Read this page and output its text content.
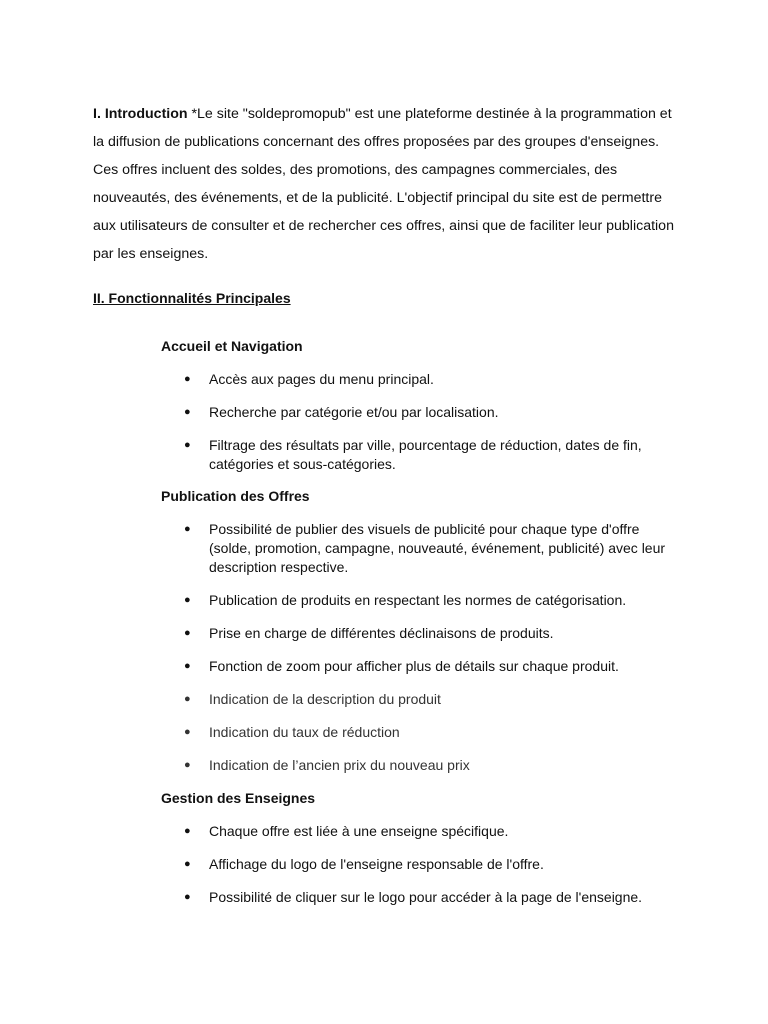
I. Introduction *Le site "soldepromopub" est une plateforme destinée à la programmation et la diffusion de publications concernant des offres proposées par des groupes d'enseignes. Ces offres incluent des soldes, des promotions, des campagnes commerciales, des nouveautés, des événements, et de la publicité. L'objectif principal du site est de permettre aux utilisateurs de consulter et de rechercher ces offres, ainsi que de faciliter leur publication par les enseignes.

II. Fonctionnalités Principales
Accueil et Navigation
● Accès aux pages du menu principal.
● Recherche par catégorie et/ou par localisation.
● Filtrage des résultats par ville, pourcentage de réduction, dates de fin, catégories et sous-catégories.
Publication des Offres
● Possibilité de publier des visuels de publicité pour chaque type d'offre (solde, promotion, campagne, nouveauté, événement, publicité) avec leur description respective.
● Publication de produits en respectant les normes de catégorisation.
● Prise en charge de différentes déclinaisons de produits.
● Fonction de zoom pour afficher plus de détails sur chaque produit.
● Indication de la description du produit
● Indication du taux de réduction
● Indication de l’ancien prix du nouveau prix
Gestion des Enseignes
● Chaque offre est liée à une enseigne spécifique.
● Affichage du logo de l'enseigne responsable de l'offre.
● Possibilité de cliquer sur le logo pour accéder à la page de l'enseigne.
